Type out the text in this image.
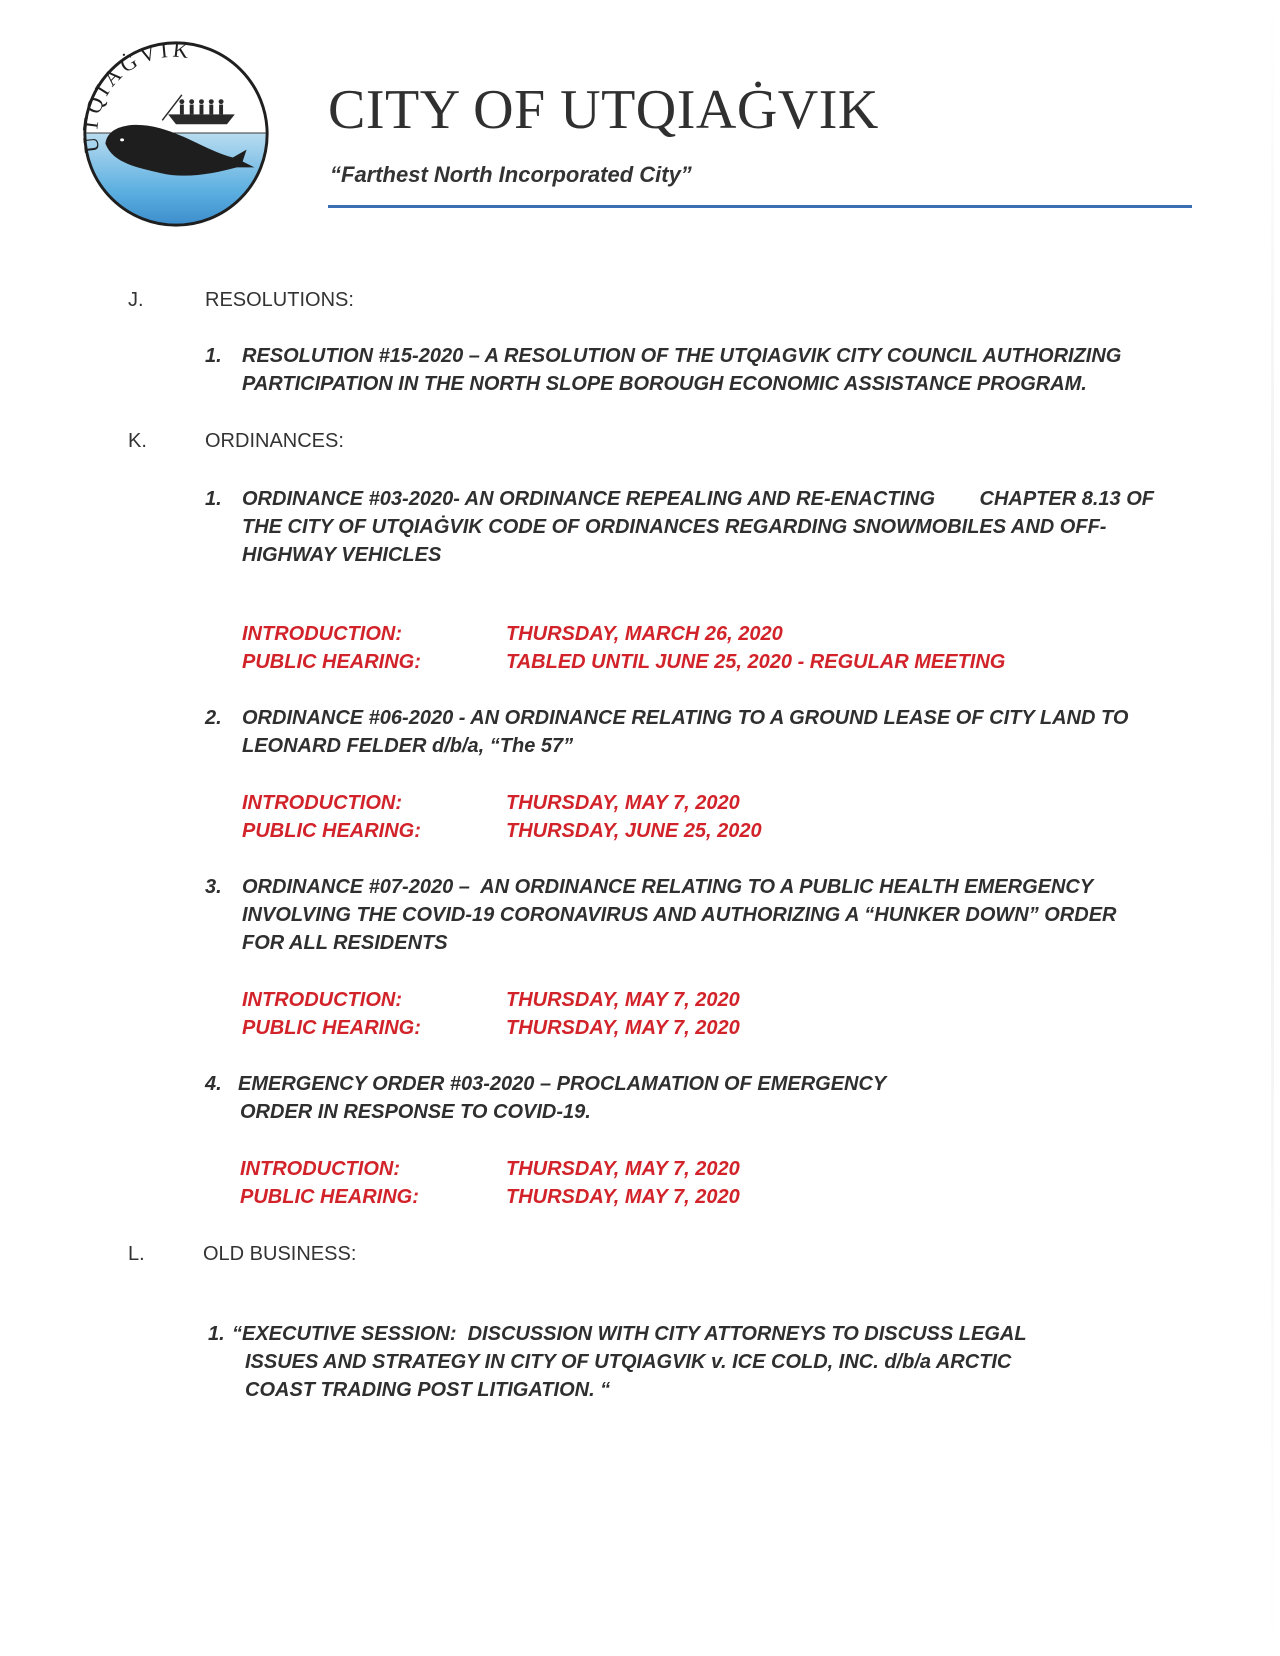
UTQIAĠVIK
CITY OF UTQIAĠVIK
“Farthest North Incorporated City”
J.	RESOLUTIONS:
1. RESOLUTION #15-2020 – A RESOLUTION OF THE UTQIAGVIK CITY COUNCIL AUTHORIZING
PARTICIPATION IN THE NORTH SLOPE BOROUGH ECONOMIC ASSISTANCE PROGRAM.
K.	ORDINANCES:
1. ORDINANCE #03-2020- AN ORDINANCE REPEALING AND RE-ENACTING        CHAPTER 8.13 OF
THE CITY OF UTQIAĠVIK CODE OF ORDINANCES REGARDING SNOWMOBILES AND OFF-
HIGHWAY VEHICLES
INTRODUCTION:	THURSDAY, MARCH 26, 2020
PUBLIC HEARING:	TABLED UNTIL JUNE 25, 2020 - REGULAR MEETING
2. ORDINANCE #06-2020 - AN ORDINANCE RELATING TO A GROUND LEASE OF CITY LAND TO
LEONARD FELDER d/b/a, “The 57”
INTRODUCTION:	THURSDAY, MAY 7, 2020
PUBLIC HEARING:	THURSDAY, JUNE 25, 2020
3. ORDINANCE #07-2020 –  AN ORDINANCE RELATING TO A PUBLIC HEALTH EMERGENCY
INVOLVING THE COVID-19 CORONAVIRUS AND AUTHORIZING A “HUNKER DOWN” ORDER
FOR ALL RESIDENTS
INTRODUCTION:	THURSDAY, MAY 7, 2020
PUBLIC HEARING:	THURSDAY, MAY 7, 2020
4. EMERGENCY ORDER #03-2020 – PROCLAMATION OF EMERGENCY
ORDER IN RESPONSE TO COVID-19.
INTRODUCTION:	THURSDAY, MAY 7, 2020
PUBLIC HEARING:	THURSDAY, MAY 7, 2020
L.	OLD BUSINESS:
1. “EXECUTIVE SESSION:  DISCUSSION WITH CITY ATTORNEYS TO DISCUSS LEGAL
ISSUES AND STRATEGY IN CITY OF UTQIAGVIK v. ICE COLD, INC. d/b/a ARCTIC
COAST TRADING POST LITIGATION. “
